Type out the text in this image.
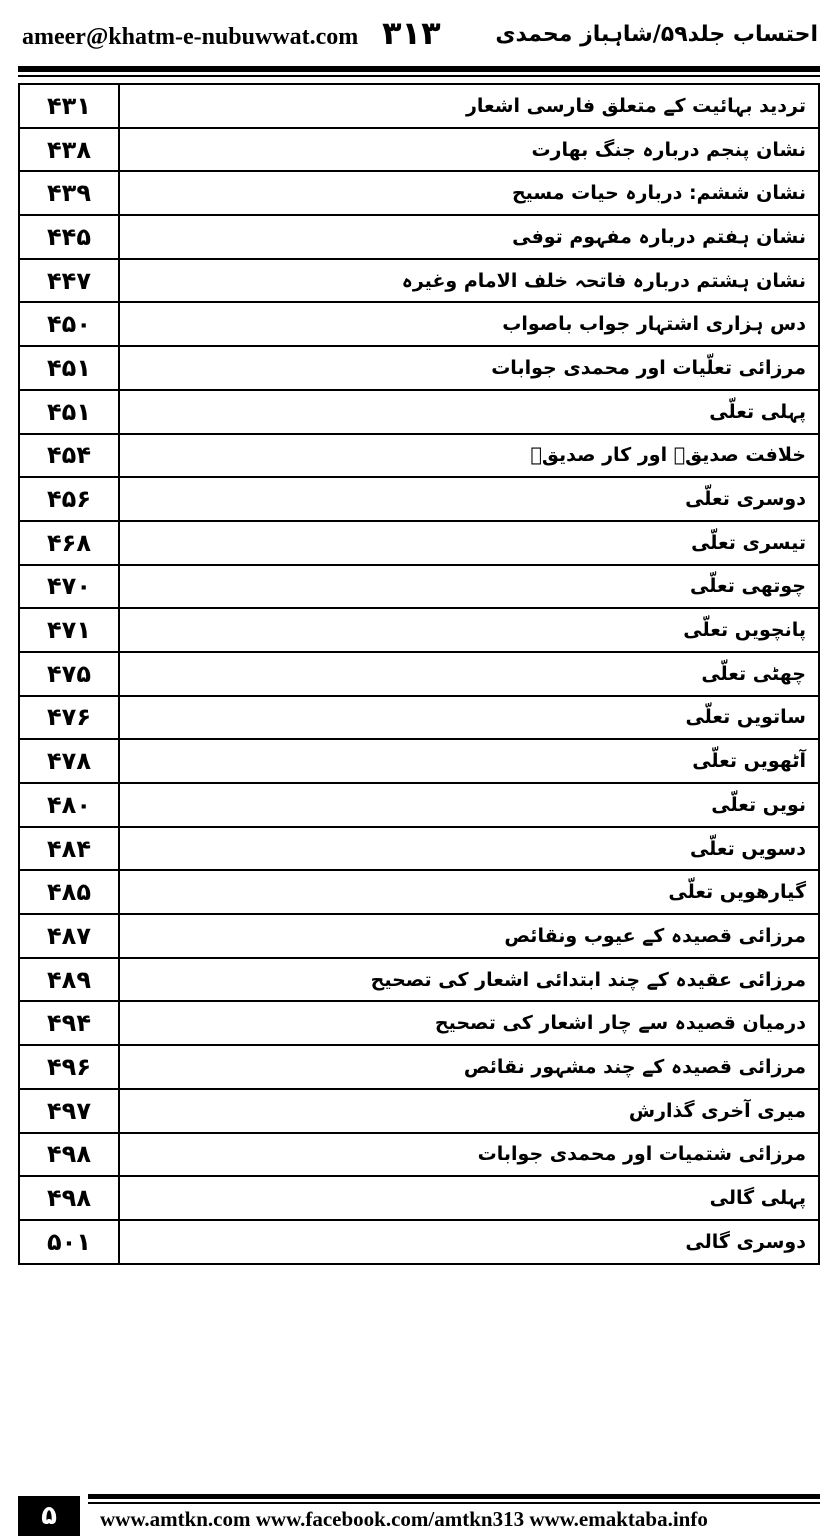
ameer@khatm-e-nubuwwat.com ۳۱۳ احتساب جلد۵۹/شاہباز محمدی
۴۳۱	تردید بہائیت کے متعلق فارسی اشعار
۴۳۸	نشان پنجم دربارہ جنگ بھارت
۴۳۹	نشان ششم: دربارہ حیات مسیح
۴۴۵	نشان ہفتم دربارہ مفہوم توفی
۴۴۷	نشان ہشتم دربارہ فاتحہ خلف الامام وغیرہ
۴۵۰	دس ہزاری اشتہار جواب باصواب
۴۵۱	مرزائی تعلّیات اور محمدی جوابات
۴۵۱	پہلی تعلّی
۴۵۴	خلافت صدیقؓ اور کار صدیقؓ
۴۵۶	دوسری تعلّی
۴۶۸	تیسری تعلّی
۴۷۰	چوتھی تعلّی
۴۷۱	پانچویں تعلّی
۴۷۵	چھٹی تعلّی
۴۷۶	ساتویں تعلّی
۴۷۸	آٹھویں تعلّی
۴۸۰	نویں تعلّی
۴۸۴	دسویں تعلّی
۴۸۵	گیارھویں تعلّی
۴۸۷	مرزائی قصیدہ کے عیوب ونقائص
۴۸۹	مرزائی عقیدہ کے چند ابتدائی اشعار کی تصحیح
۴۹۴	درمیان قصیدہ سے چار اشعار کی تصحیح
۴۹۶	مرزائی قصیدہ کے چند مشہور نقائص
۴۹۷	میری آخری گذارش
۴۹۸	مرزائی شتمیات اور محمدی جوابات
۴۹۸	پہلی گالی
۵۰۱	دوسری گالی
۵	www.amtkn.com www.facebook.com/amtkn313 www.emaktaba.info
